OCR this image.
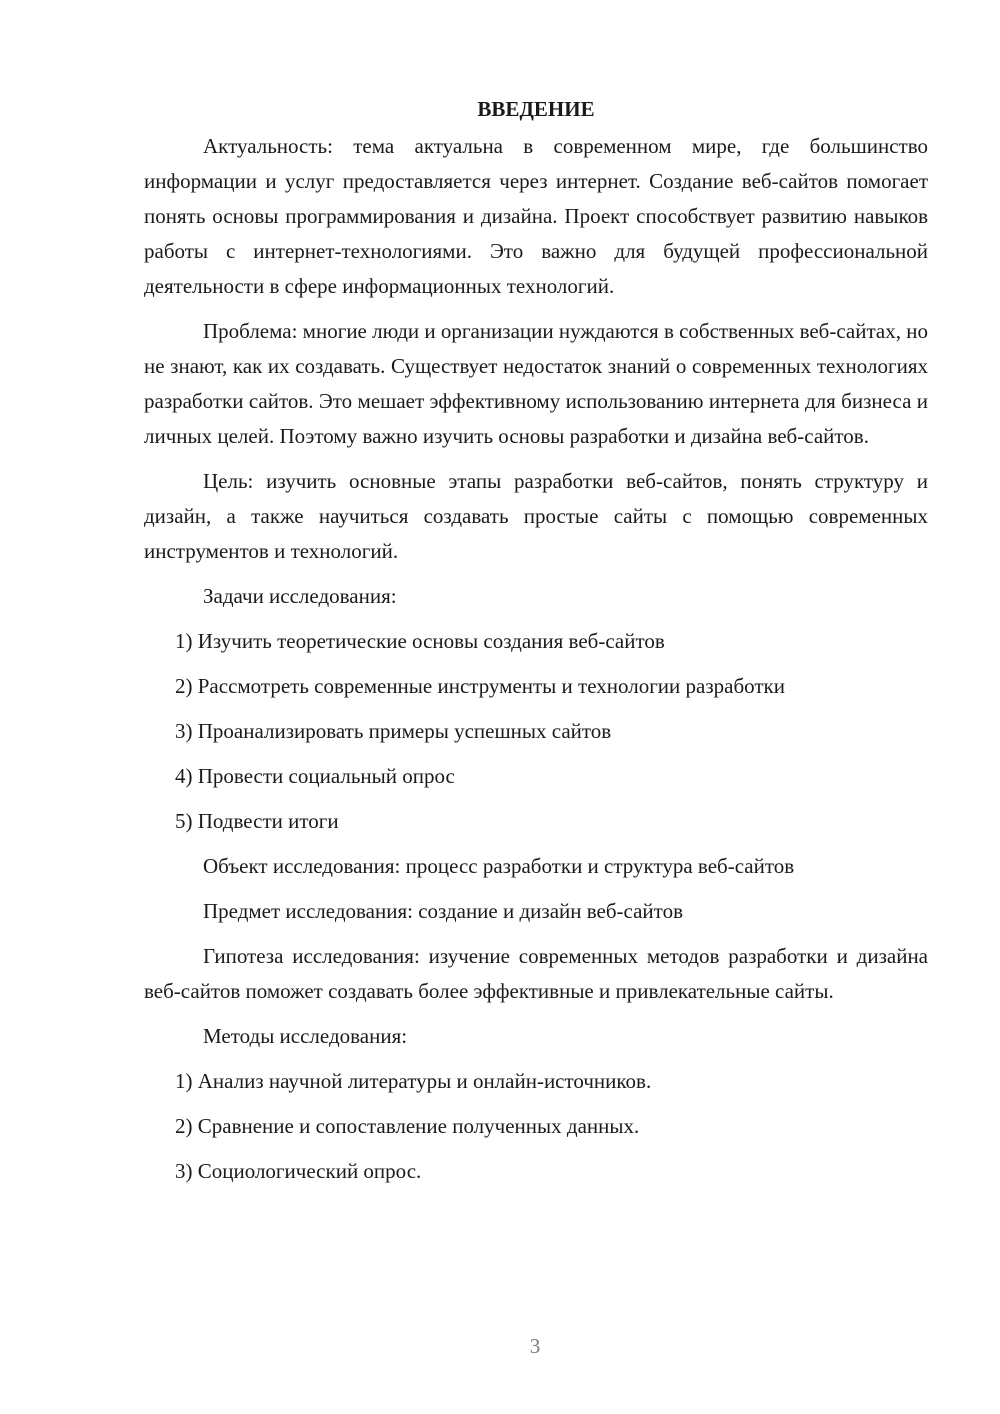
ВВЕДЕНИЕ

Актуальность: тема актуальна в современном мире, где большинство информации и услуг предоставляется через интернет. Создание веб-сайтов помогает понять основы программирования и дизайна. Проект способствует развитию навыков работы с интернет-технологиями. Это важно для будущей профессиональной деятельности в сфере информационных технологий.

Проблема: многие люди и организации нуждаются в собственных веб-сайтах, но не знают, как их создавать. Существует недостаток знаний о современных технологиях разработки сайтов. Это мешает эффективному использованию интернета для бизнеса и личных целей. Поэтому важно изучить основы разработки и дизайна веб-сайтов.

Цель: изучить основные этапы разработки веб-сайтов, понять структуру и дизайн, а также научиться создавать простые сайты с помощью современных инструментов и технологий.

Задачи исследования:
1) Изучить теоретические основы создания веб-сайтов
2) Рассмотреть современные инструменты и технологии разработки
3) Проанализировать примеры успешных сайтов
4) Провести социальный опрос
5) Подвести итоги
Объект исследования: процесс разработки и структура веб-сайтов
Предмет исследования: создание и дизайн веб-сайтов

Гипотеза исследования: изучение современных методов разработки и дизайна веб-сайтов поможет создавать более эффективные и привлекательные сайты.

Методы исследования:
1) Анализ научной литературы и онлайн-источников.
2) Сравнение и сопоставление полученных данных.
3) Социологический опрос.
3
